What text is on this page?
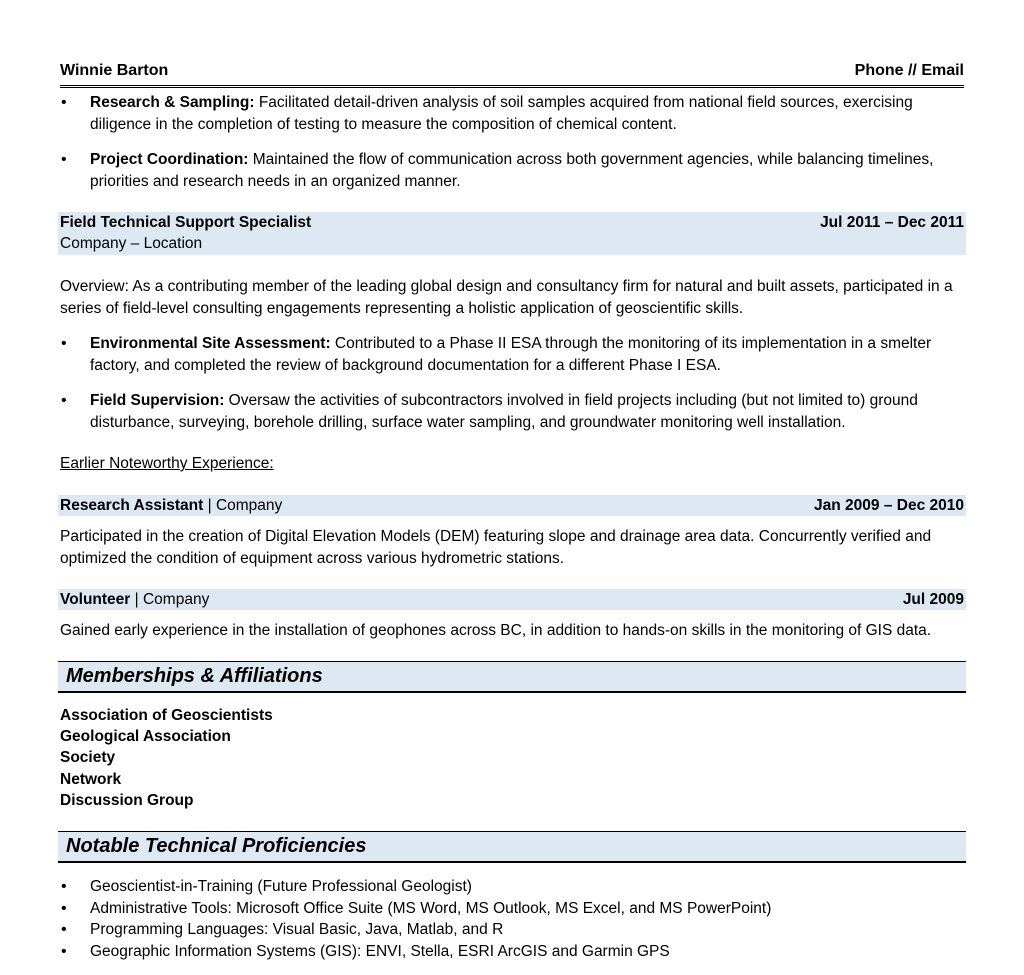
Winnie Barton	Phone // Email
• Research & Sampling: Facilitated detail-driven analysis of soil samples acquired from national field sources, exercising diligence in the completion of testing to measure the composition of chemical content.
• Project Coordination: Maintained the flow of communication across both government agencies, while balancing timelines, priorities and research needs in an organized manner.
Field Technical Support Specialist	Jul 2011 – Dec 2011
Company – Location

Overview: As a contributing member of the leading global design and consultancy firm for natural and built assets, participated in a series of field-level consulting engagements representing a holistic application of geoscientific skills.

• Environmental Site Assessment: Contributed to a Phase II ESA through the monitoring of its implementation in a smelter factory, and completed the review of background documentation for a different Phase I ESA.
• Field Supervision: Oversaw the activities of subcontractors involved in field projects including (but not limited to) ground disturbance, surveying, borehole drilling, surface water sampling, and groundwater monitoring well installation.
Earlier Noteworthy Experience:
Research Assistant | Company	Jan 2009 – Dec 2010

Participated in the creation of Digital Elevation Models (DEM) featuring slope and drainage area data. Concurrently verified and optimized the condition of equipment across various hydrometric stations.

Volunteer | Company	Jul 2009

Gained early experience in the installation of geophones across BC, in addition to hands-on skills in the monitoring of GIS data.

Memberships & Affiliations
Association of Geoscientists
Geological Association
Society
Network
Discussion Group
Notable Technical Proficiencies
• Geoscientist-in-Training (Future Professional Geologist)
• Administrative Tools: Microsoft Office Suite (MS Word, MS Outlook, MS Excel, and MS PowerPoint)
• Programming Languages: Visual Basic, Java, Matlab, and R
• Geographic Information Systems (GIS): ENVI, Stella, ESRI ArcGIS and Garmin GPS
